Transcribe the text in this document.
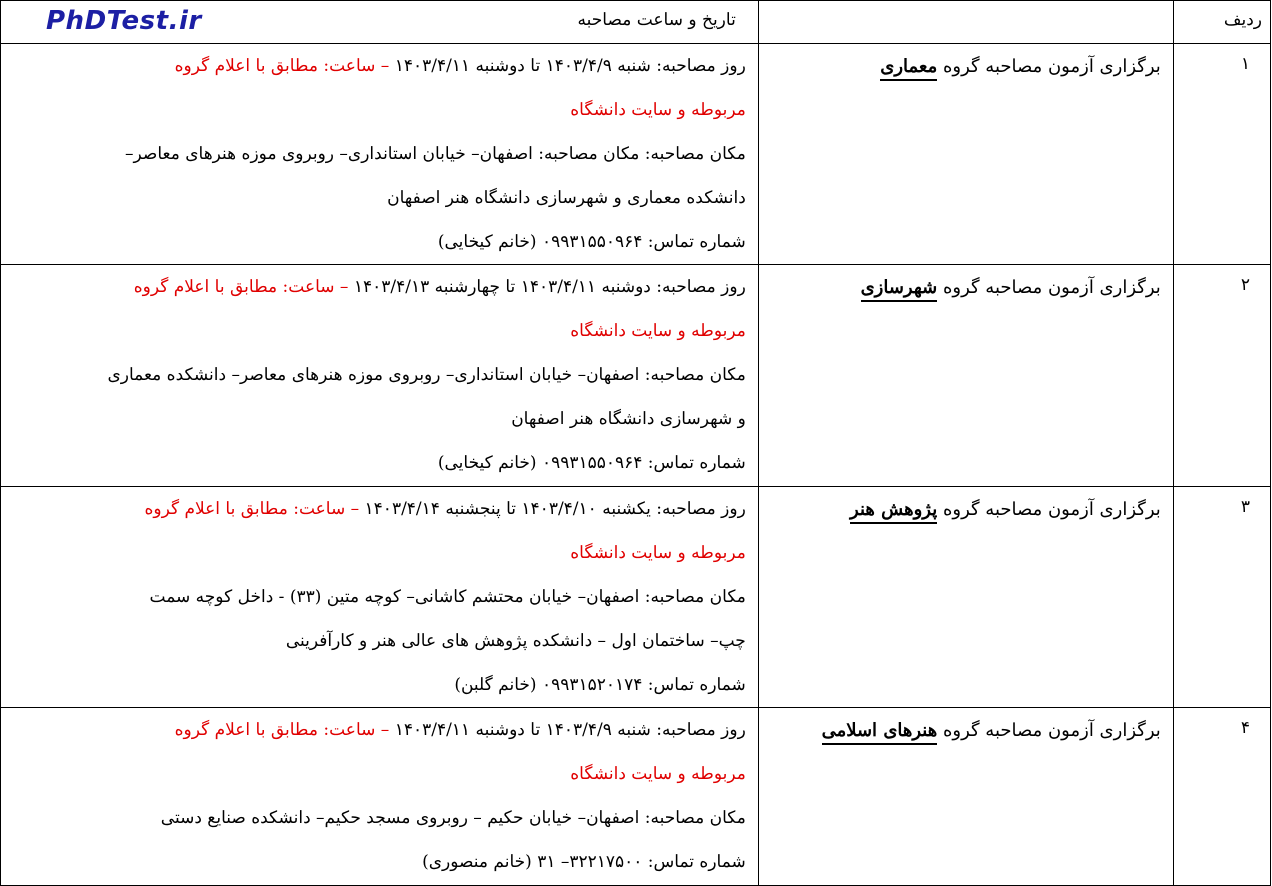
ردیف		تاریخ و ساعت مصاحبه
PhDTest.ir

۱	برگزاری آزمون مصاحبه گروه معماری	روز مصاحبه: شنبه ۱۴۰۳/۴/۹ تا دوشنبه ۱۴۰۳/۴/۱۱ – ساعت: مطابق با اعلام گروه
مربوطه و سایت دانشگاه
مکان مصاحبه: مکان مصاحبه: اصفهان– خیابان استانداری– روبروی موزه هنرهای معاصر–
دانشکده معماری و شهرسازی دانشگاه هنر اصفهان
شماره تماس: ۰۹۹۳۱۵۵۰۹۶۴ (خانم کیخایی)

۲	برگزاری آزمون مصاحبه گروه شهرسازی	روز مصاحبه: دوشنبه ۱۴۰۳/۴/۱۱ تا چهارشنبه ۱۴۰۳/۴/۱۳ – ساعت: مطابق با اعلام گروه
مربوطه و سایت دانشگاه
مکان مصاحبه: اصفهان– خیابان استانداری– روبروی موزه هنرهای معاصر– دانشکده معماری
و شهرسازی دانشگاه هنر اصفهان
شماره تماس: ۰۹۹۳۱۵۵۰۹۶۴ (خانم کیخایی)

۳	برگزاری آزمون مصاحبه گروه پژوهش هنر	روز مصاحبه: یکشنبه ۱۴۰۳/۴/۱۰ تا پنجشنبه ۱۴۰۳/۴/۱۴ – ساعت: مطابق با اعلام گروه
مربوطه و سایت دانشگاه
مکان مصاحبه: اصفهان– خیابان محتشم کاشانی– کوچه متین (۳۳) - داخل کوچه سمت
چپ– ساختمان اول – دانشکده پژوهش های عالی هنر و کارآفرینی
شماره تماس: ۰۹۹۳۱۵۲۰۱۷۴ (خانم گلبن)

۴	برگزاری آزمون مصاحبه گروه هنرهای اسلامی	روز مصاحبه: شنبه ۱۴۰۳/۴/۹ تا دوشنبه ۱۴۰۳/۴/۱۱ – ساعت: مطابق با اعلام گروه
مربوطه و سایت دانشگاه
مکان مصاحبه: اصفهان– خیابان حکیم – روبروی مسجد حکیم– دانشکده صنایع دستی
شماره تماس: ۳۲۲۱۷۵۰۰– ۳۱ (خانم منصوری)
